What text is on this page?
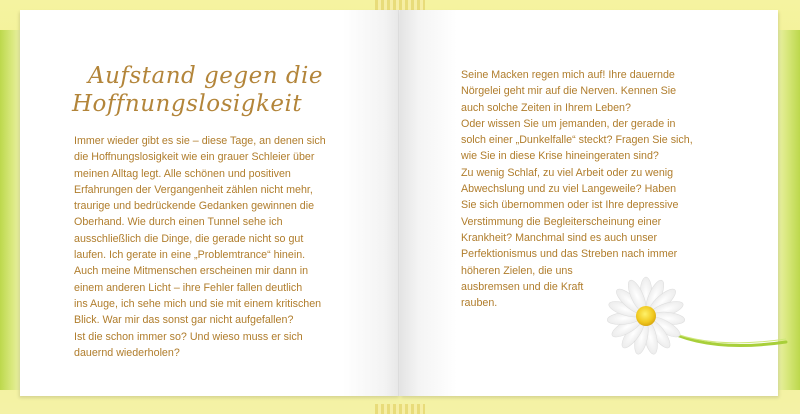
Aufstand gegen die
Hoffnungslosigkeit
Immer wieder gibt es sie – diese Tage, an denen sich
die Hoffnungslosigkeit wie ein grauer Schleier über
meinen Alltag legt. Alle schönen und positiven
Erfahrungen der Vergangenheit zählen nicht mehr,
traurige und bedrückende Gedanken gewinnen die
Oberhand. Wie durch einen Tunnel sehe ich
ausschließlich die Dinge, die gerade nicht so gut
laufen. Ich gerate in eine „Problemtrance“ hinein.
Auch meine Mitmenschen erscheinen mir dann in
einem anderen Licht – ihre Fehler fallen deutlich
ins Auge, ich sehe mich und sie mit einem kritischen
Blick. War mir das sonst gar nicht aufgefallen?
Ist die schon immer so? Und wieso muss er sich
dauernd wiederholen?
Seine Macken regen mich auf! Ihre dauernde
Nörgelei geht mir auf die Nerven. Kennen Sie
auch solche Zeiten in Ihrem Leben?
Oder wissen Sie um jemanden, der gerade in
solch einer „Dunkelfalle“ steckt? Fragen Sie sich,
wie Sie in diese Krise hineingeraten sind?
Zu wenig Schlaf, zu viel Arbeit oder zu wenig
Abwechslung und zu viel Langeweile? Haben
Sie sich übernommen oder ist Ihre depressive
Verstimmung die Begleiterscheinung einer
Krankheit? Manchmal sind es auch unser
Perfektionismus und das Streben nach immer
höheren Zielen, die uns
ausbremsen und die Kraft
rauben.
